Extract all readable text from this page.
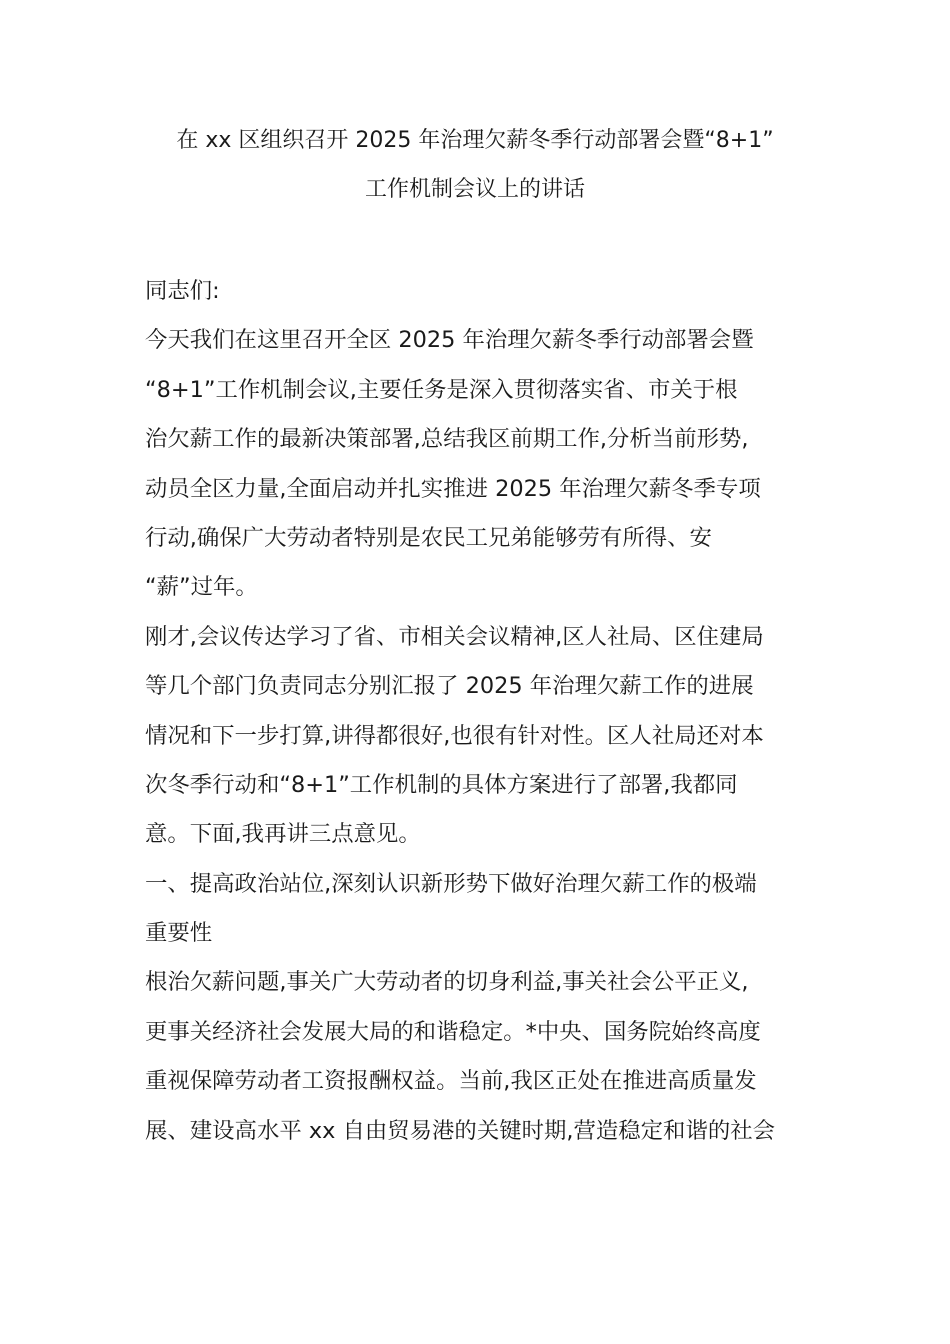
在 xx 区组织召开 2025 年治理欠薪冬季行动部署会暨“8+1”
工作机制会议上的讲话
同志们:
今天我们在这里召开全区 2025 年治理欠薪冬季行动部署会暨
“8+1”工作机制会议,主要任务是深入贯彻落实省、市关于根
治欠薪工作的最新决策部署,总结我区前期工作,分析当前形势,
动员全区力量,全面启动并扎实推进 2025 年治理欠薪冬季专项
行动,确保广大劳动者特别是农民工兄弟能够劳有所得、安
“薪”过年。
刚才,会议传达学习了省、市相关会议精神,区人社局、区住建局
等几个部门负责同志分别汇报了 2025 年治理欠薪工作的进展
情况和下一步打算,讲得都很好,也很有针对性。区人社局还对本
次冬季行动和“8+1”工作机制的具体方案进行了部署,我都同
意。下面,我再讲三点意见。
一、提高政治站位,深刻认识新形势下做好治理欠薪工作的极端
重要性
根治欠薪问题,事关广大劳动者的切身利益,事关社会公平正义,
更事关经济社会发展大局的和谐稳定。*中央、国务院始终高度
重视保障劳动者工资报酬权益。当前,我区正处在推进高质量发
展、建设高水平 xx 自由贸易港的关键时期,营造稳定和谐的社会
